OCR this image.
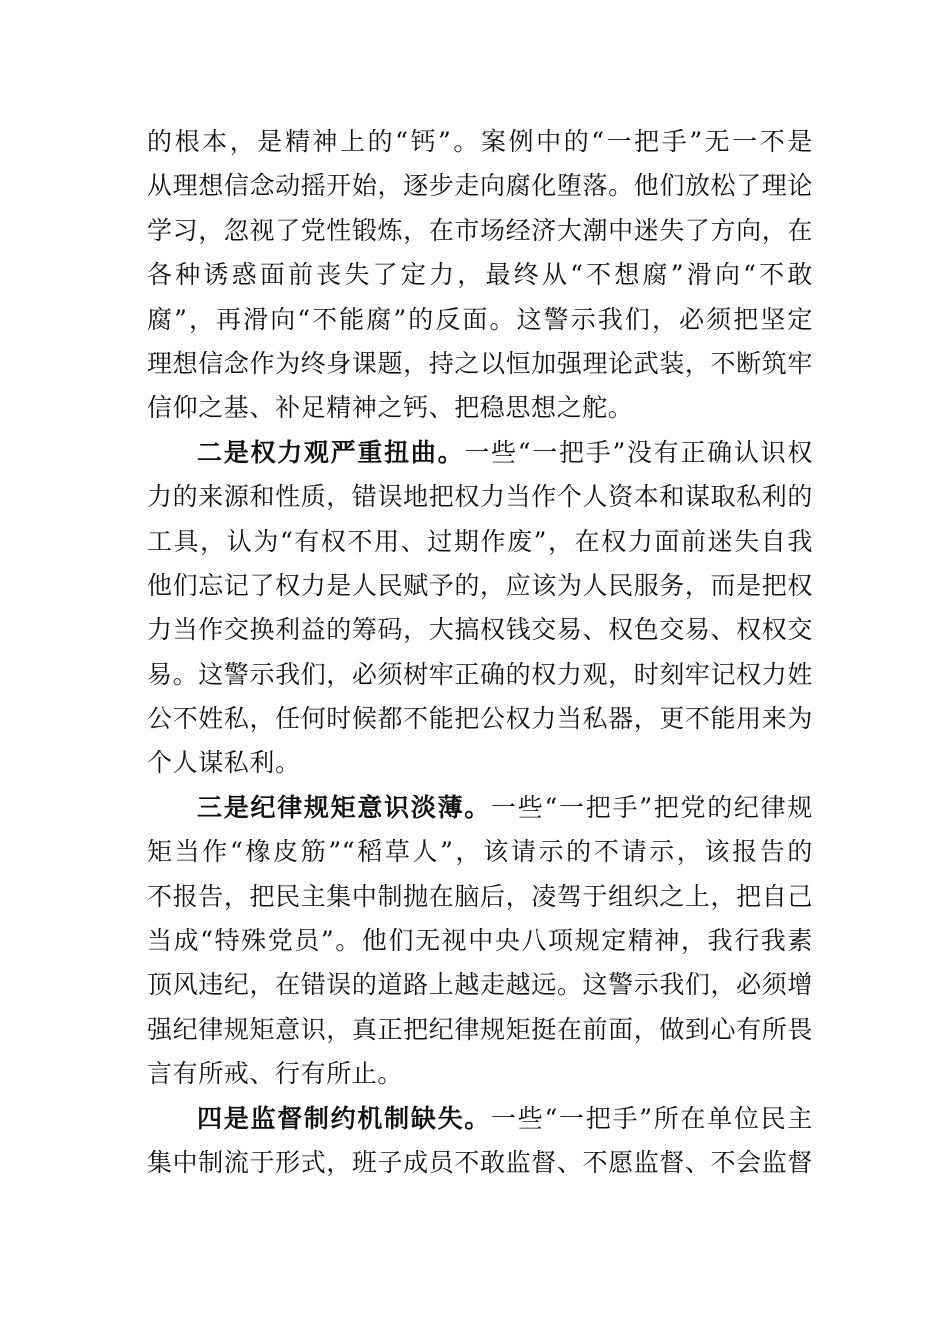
的根本，是精神上的“钙”。案例中的“一把手”无一不是
从理想信念动摇开始，逐步走向腐化堕落。他们放松了理论
学习，忽视了党性锻炼，在市场经济大潮中迷失了方向，在
各种诱惑面前丧失了定力，最终从“不想腐”滑向“不敢
腐”，再滑向“不能腐”的反面。这警示我们，必须把坚定
理想信念作为终身课题，持之以恒加强理论武装，不断筑牢
信仰之基、补足精神之钙、把稳思想之舵。
二是权力观严重扭曲。一些“一把手”没有正确认识权
力的来源和性质，错误地把权力当作个人资本和谋取私利的
工具，认为“有权不用、过期作废”，在权力面前迷失自我
他们忘记了权力是人民赋予的，应该为人民服务，而是把权
力当作交换利益的筹码，大搞权钱交易、权色交易、权权交
易。这警示我们，必须树牢正确的权力观，时刻牢记权力姓
公不姓私，任何时候都不能把公权力当私器，更不能用来为
个人谋私利。
三是纪律规矩意识淡薄。一些“一把手”把党的纪律规
矩当作“橡皮筋”“稻草人”，该请示的不请示，该报告的
不报告，把民主集中制抛在脑后，凌驾于组织之上，把自己
当成“特殊党员”。他们无视中央八项规定精神，我行我素
顶风违纪，在错误的道路上越走越远。这警示我们，必须增
强纪律规矩意识，真正把纪律规矩挺在前面，做到心有所畏
言有所戒、行有所止。
四是监督制约机制缺失。一些“一把手”所在单位民主
集中制流于形式，班子成员不敢监督、不愿监督、不会监督
